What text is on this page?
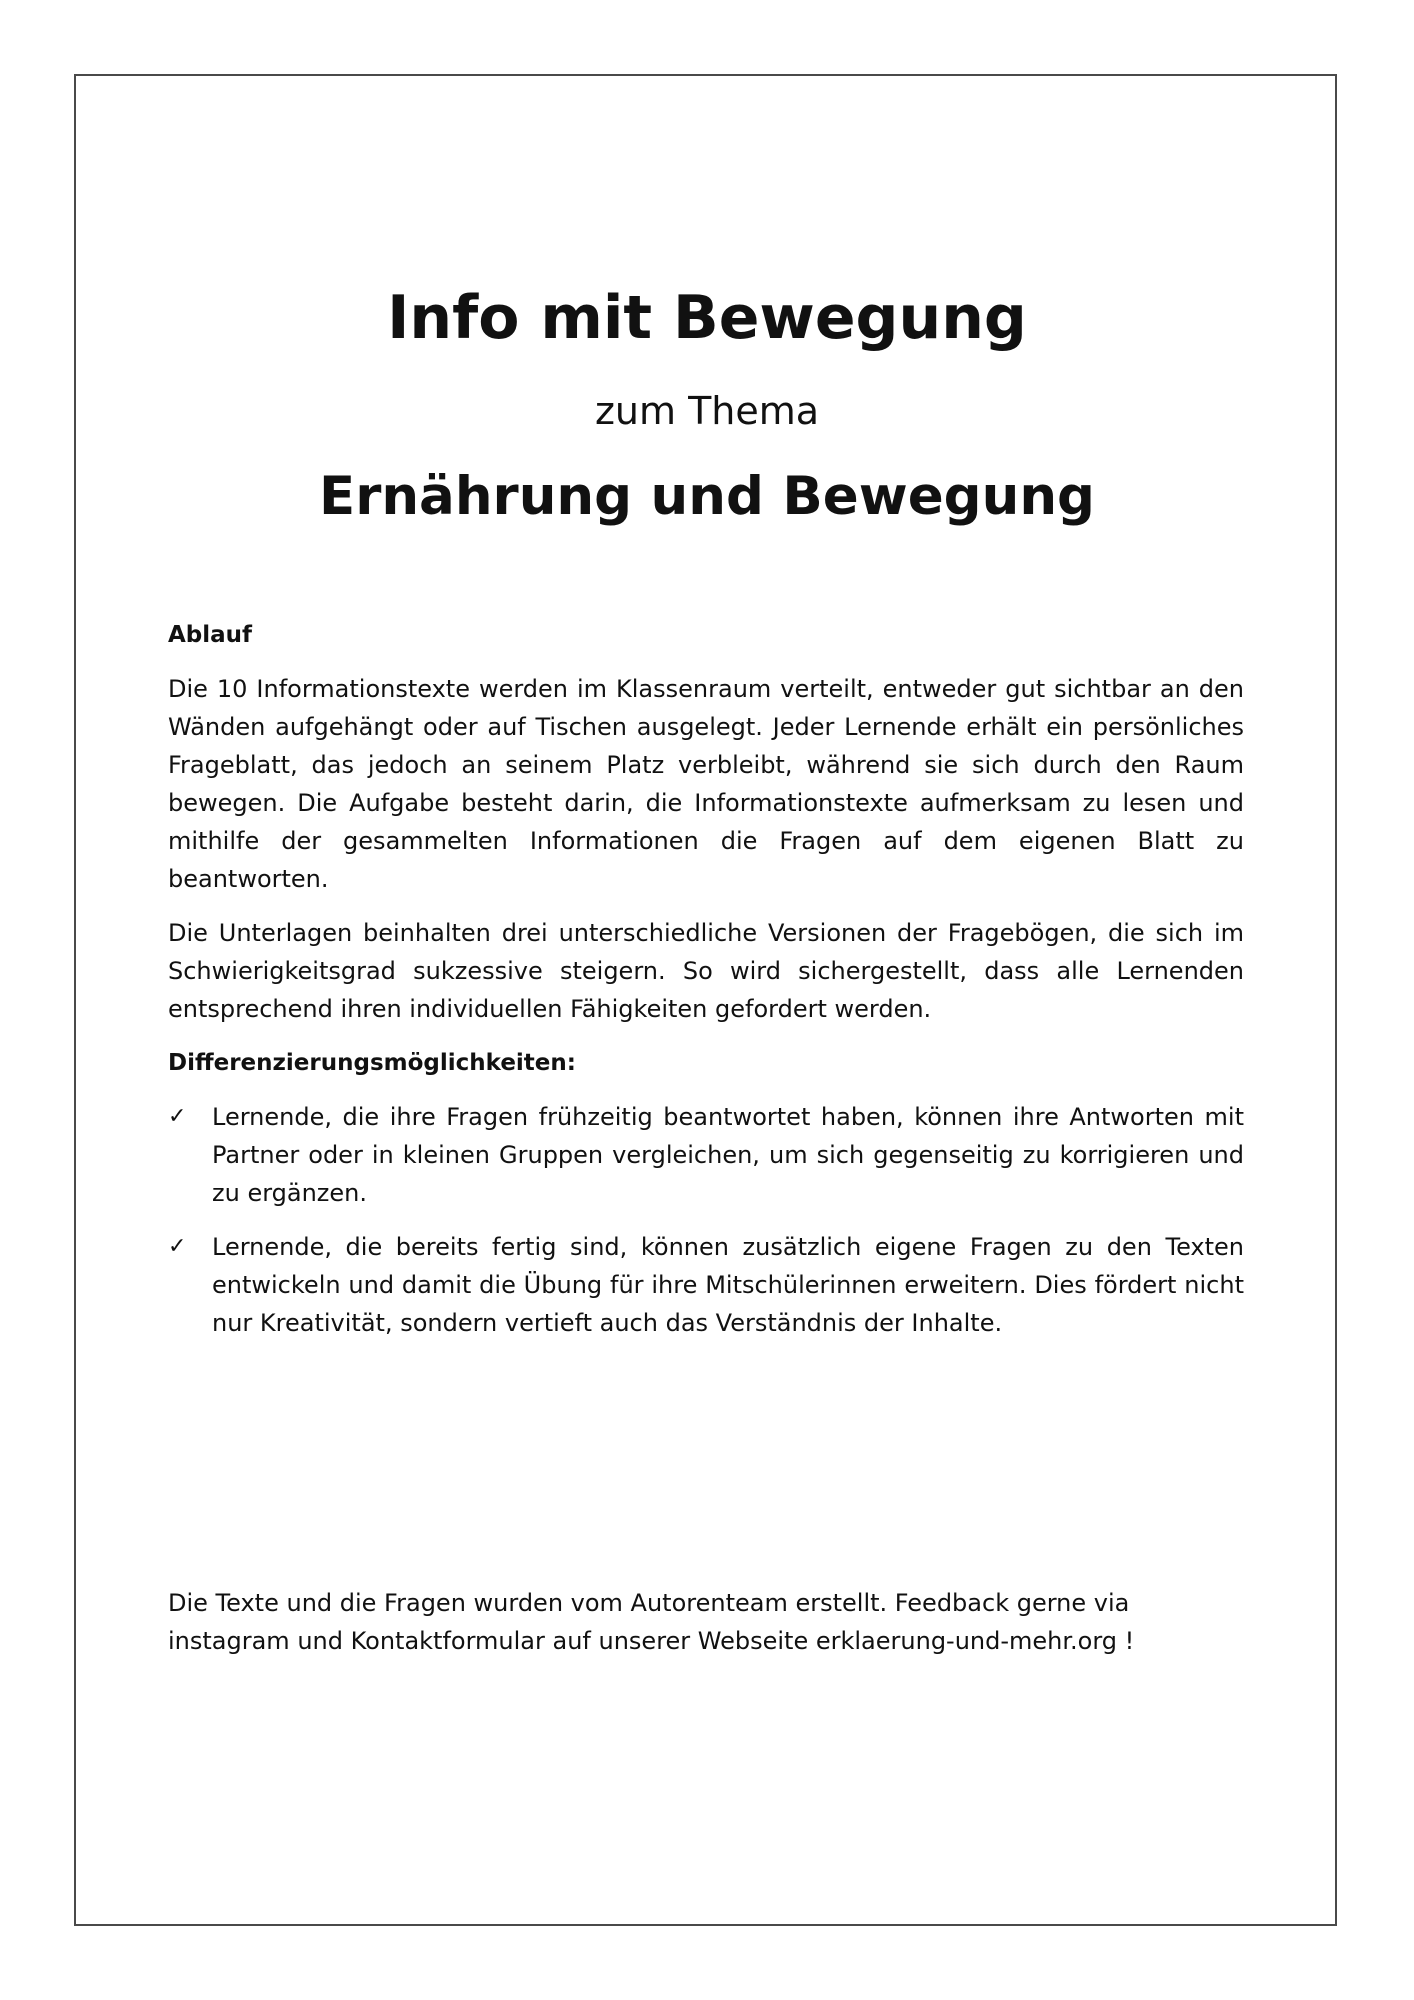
Info mit Bewegung

zum Thema

Ernährung und Bewegung

Ablauf

Die 10 Informationstexte werden im Klassenraum verteilt, entweder gut sichtbar an den Wänden aufgehängt oder auf Tischen ausgelegt. Jeder Lernende erhält ein persönliches Frageblatt, das jedoch an seinem Platz verbleibt, während sie sich durch den Raum bewegen. Die Aufgabe besteht darin, die Informationstexte aufmerksam zu lesen und mithilfe der gesammelten Informationen die Fragen auf dem eigenen Blatt zu beantworten.

Die Unterlagen beinhalten drei unterschiedliche Versionen der Fragebögen, die sich im Schwierigkeitsgrad sukzessive steigern. So wird sichergestellt, dass alle Lernenden entsprechend ihren individuellen Fähigkeiten gefordert werden.

Differenzierungsmöglichkeiten:

✓ Lernende, die ihre Fragen frühzeitig beantwortet haben, können ihre Antworten mit Partner oder in kleinen Gruppen vergleichen, um sich gegenseitig zu korrigieren und zu ergänzen.
✓ Lernende, die bereits fertig sind, können zusätzlich eigene Fragen zu den Texten entwickeln und damit die Übung für ihre Mitschülerinnen erweitern. Dies fördert nicht nur Kreativität, sondern vertieft auch das Verständnis der Inhalte.

Die Texte und die Fragen wurden vom Autorenteam erstellt. Feedback gerne via instagram und Kontaktformular auf unserer Webseite erklaerung-und-mehr.org !
